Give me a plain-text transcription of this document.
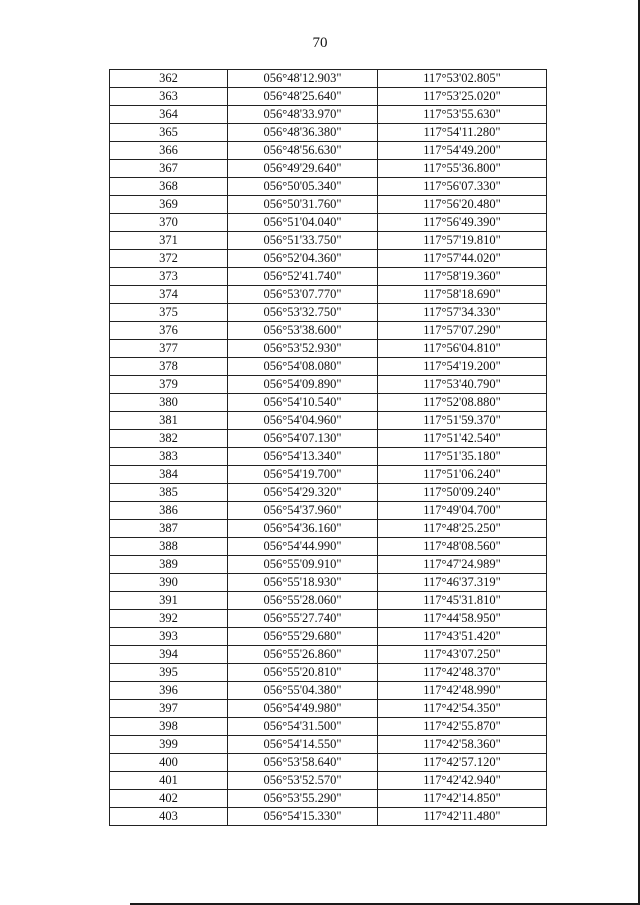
70
362	056°48'12.903"	117°53'02.805"
363	056°48'25.640"	117°53'25.020"
364	056°48'33.970"	117°53'55.630"
365	056°48'36.380"	117°54'11.280"
366	056°48'56.630"	117°54'49.200"
367	056°49'29.640"	117°55'36.800"
368	056°50'05.340"	117°56'07.330"
369	056°50'31.760"	117°56'20.480"
370	056°51'04.040"	117°56'49.390"
371	056°51'33.750"	117°57'19.810"
372	056°52'04.360"	117°57'44.020"
373	056°52'41.740"	117°58'19.360"
374	056°53'07.770"	117°58'18.690"
375	056°53'32.750"	117°57'34.330"
376	056°53'38.600"	117°57'07.290"
377	056°53'52.930"	117°56'04.810"
378	056°54'08.080"	117°54'19.200"
379	056°54'09.890"	117°53'40.790"
380	056°54'10.540"	117°52'08.880"
381	056°54'04.960"	117°51'59.370"
382	056°54'07.130"	117°51'42.540"
383	056°54'13.340"	117°51'35.180"
384	056°54'19.700"	117°51'06.240"
385	056°54'29.320"	117°50'09.240"
386	056°54'37.960"	117°49'04.700"
387	056°54'36.160"	117°48'25.250"
388	056°54'44.990"	117°48'08.560"
389	056°55'09.910"	117°47'24.989"
390	056°55'18.930"	117°46'37.319"
391	056°55'28.060"	117°45'31.810"
392	056°55'27.740"	117°44'58.950"
393	056°55'29.680"	117°43'51.420"
394	056°55'26.860"	117°43'07.250"
395	056°55'20.810"	117°42'48.370"
396	056°55'04.380"	117°42'48.990"
397	056°54'49.980"	117°42'54.350"
398	056°54'31.500"	117°42'55.870"
399	056°54'14.550"	117°42'58.360"
400	056°53'58.640"	117°42'57.120"
401	056°53'52.570"	117°42'42.940"
402	056°53'55.290"	117°42'14.850"
403	056°54'15.330"	117°42'11.480"
